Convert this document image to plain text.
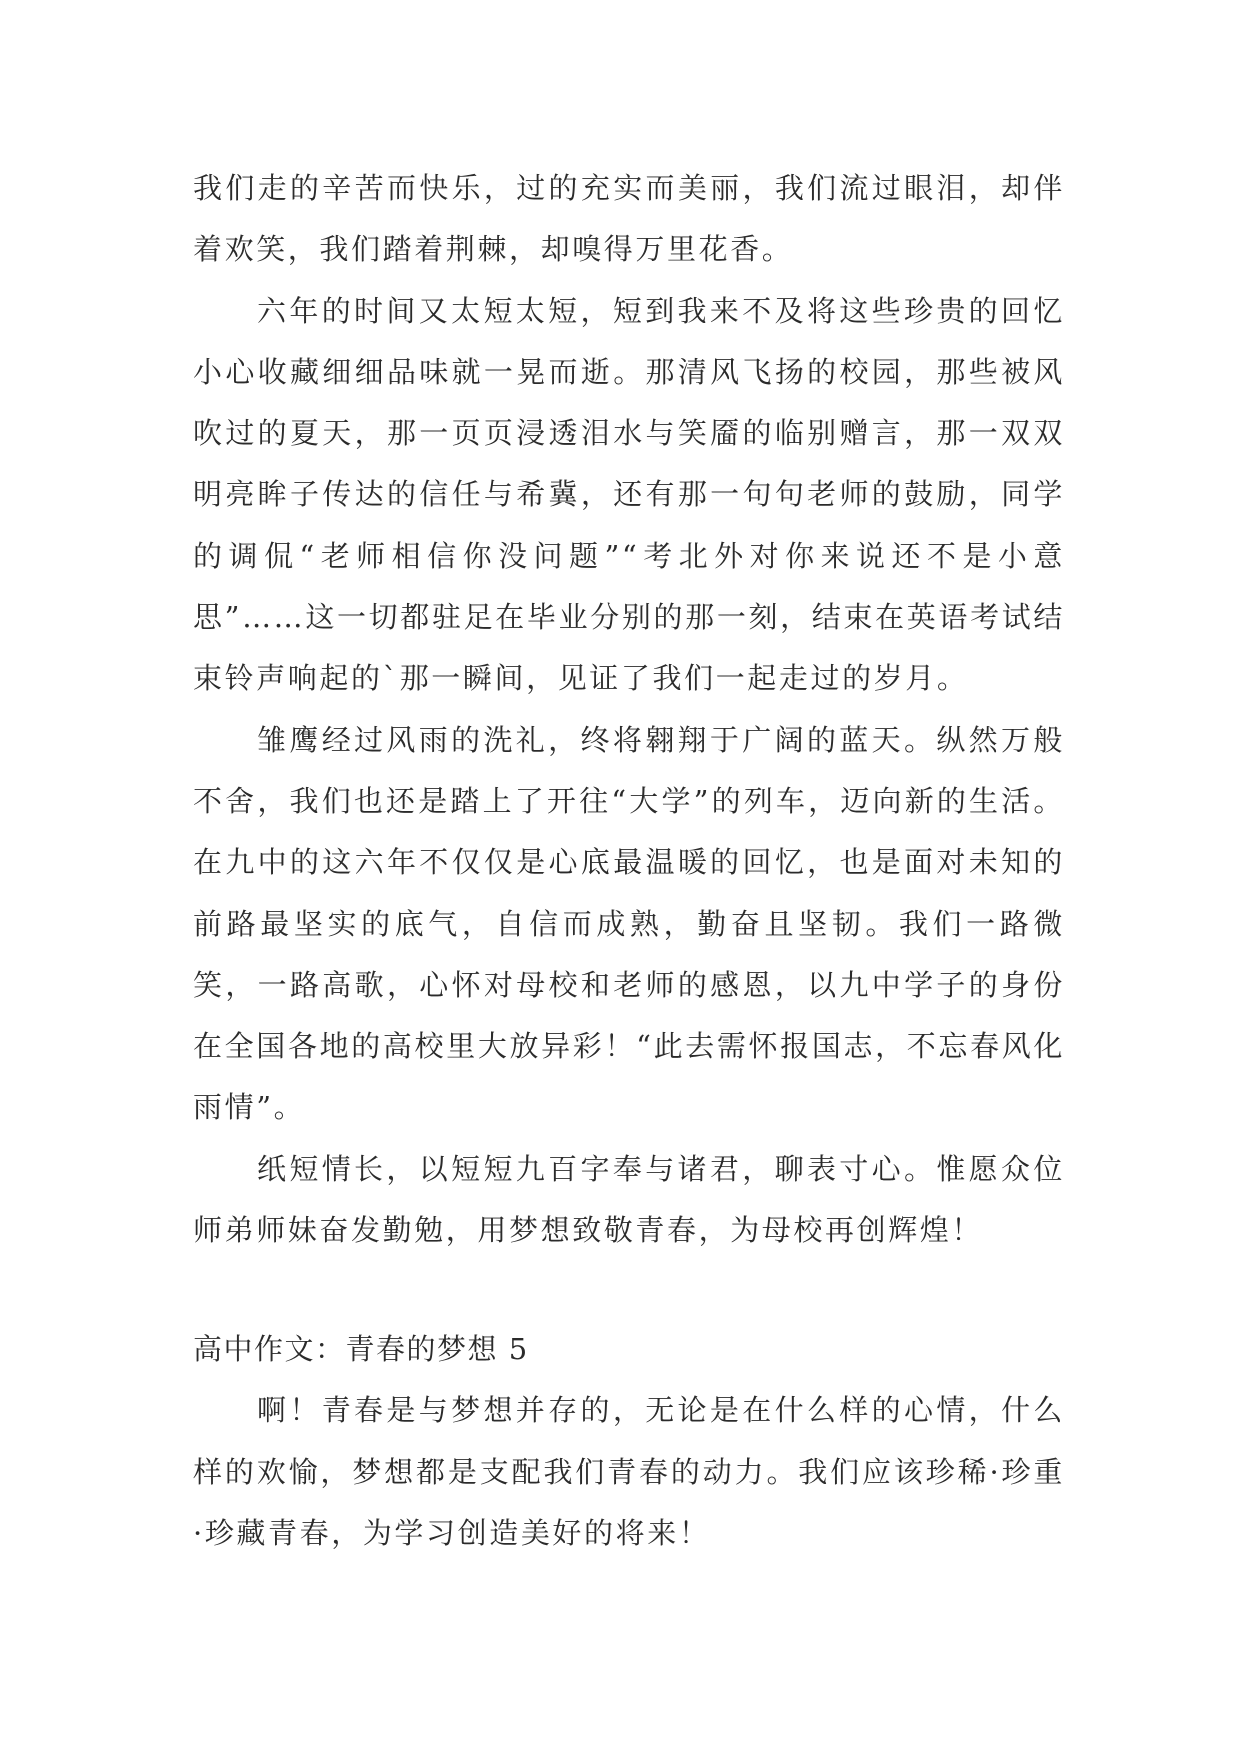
我们走的辛苦而快乐，过的充实而美丽，我们流过眼泪，却伴着欢笑，我们踏着荆棘，却嗅得万里花香。

六年的时间又太短太短，短到我来不及将这些珍贵的回忆小心收藏细细品味就一晃而逝。那清风飞扬的校园，那些被风吹过的夏天，那一页页浸透泪水与笑靥的临别赠言，那一双双明亮眸子传达的信任与希冀，还有那一句句老师的鼓励，同学的调侃“老师相信你没问题”“考北外对你来说还不是小意思”……这一切都驻足在毕业分别的那一刻，结束在英语考试结束铃声响起的`那一瞬间，见证了我们一起走过的岁月。

雏鹰经过风雨的洗礼，终将翱翔于广阔的蓝天。纵然万般不舍，我们也还是踏上了开往“大学”的列车，迈向新的生活。在九中的这六年不仅仅是心底最温暖的回忆，也是面对未知的前路最坚实的底气，自信而成熟，勤奋且坚韧。我们一路微笑，一路高歌，心怀对母校和老师的感恩，以九中学子的身份在全国各地的高校里大放异彩！“此去需怀报国志，不忘春风化雨情”。

纸短情长，以短短九百字奉与诸君，聊表寸心。惟愿众位师弟师妹奋发勤勉，用梦想致敬青春，为母校再创辉煌！

高中作文：青春的梦想 5

啊！青春是与梦想并存的，无论是在什么样的心情，什么样的欢愉，梦想都是支配我们青春的动力。我们应该珍稀·珍重·珍藏青春，为学习创造美好的将来！
